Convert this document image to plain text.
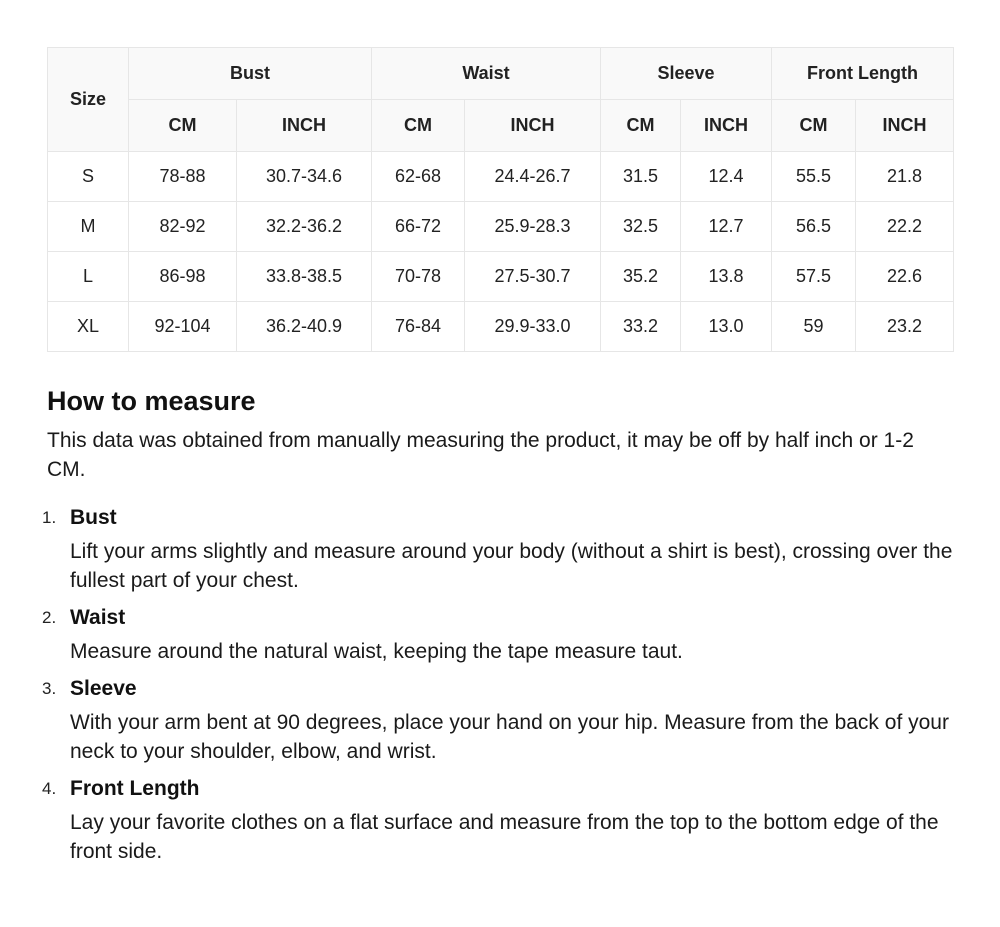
Size	Bust		Waist		Sleeve		Front Length	
	CM	INCH	CM	INCH	CM	INCH	CM	INCH
S	78-88	30.7-34.6	62-68	24.4-26.7	31.5	12.4	55.5	21.8
M	82-92	32.2-36.2	66-72	25.9-28.3	32.5	12.7	56.5	22.2
L	86-98	33.8-38.5	70-78	27.5-30.7	35.2	13.8	57.5	22.6
XL	92-104	36.2-40.9	76-84	29.9-33.0	33.2	13.0	59	23.2
How to measure

This data was obtained from manually measuring the product, it may be off by half inch or 1-2 CM.

1. Bust
Lift your arms slightly and measure around your body (without a shirt is best), crossing over the fullest part of your chest.
2. Waist
Measure around the natural waist, keeping the tape measure taut.
3. Sleeve
With your arm bent at 90 degrees, place your hand on your hip. Measure from the back of your neck to your shoulder, elbow, and wrist.
4. Front Length
Lay your favorite clothes on a flat surface and measure from the top to the bottom edge of the front side.
